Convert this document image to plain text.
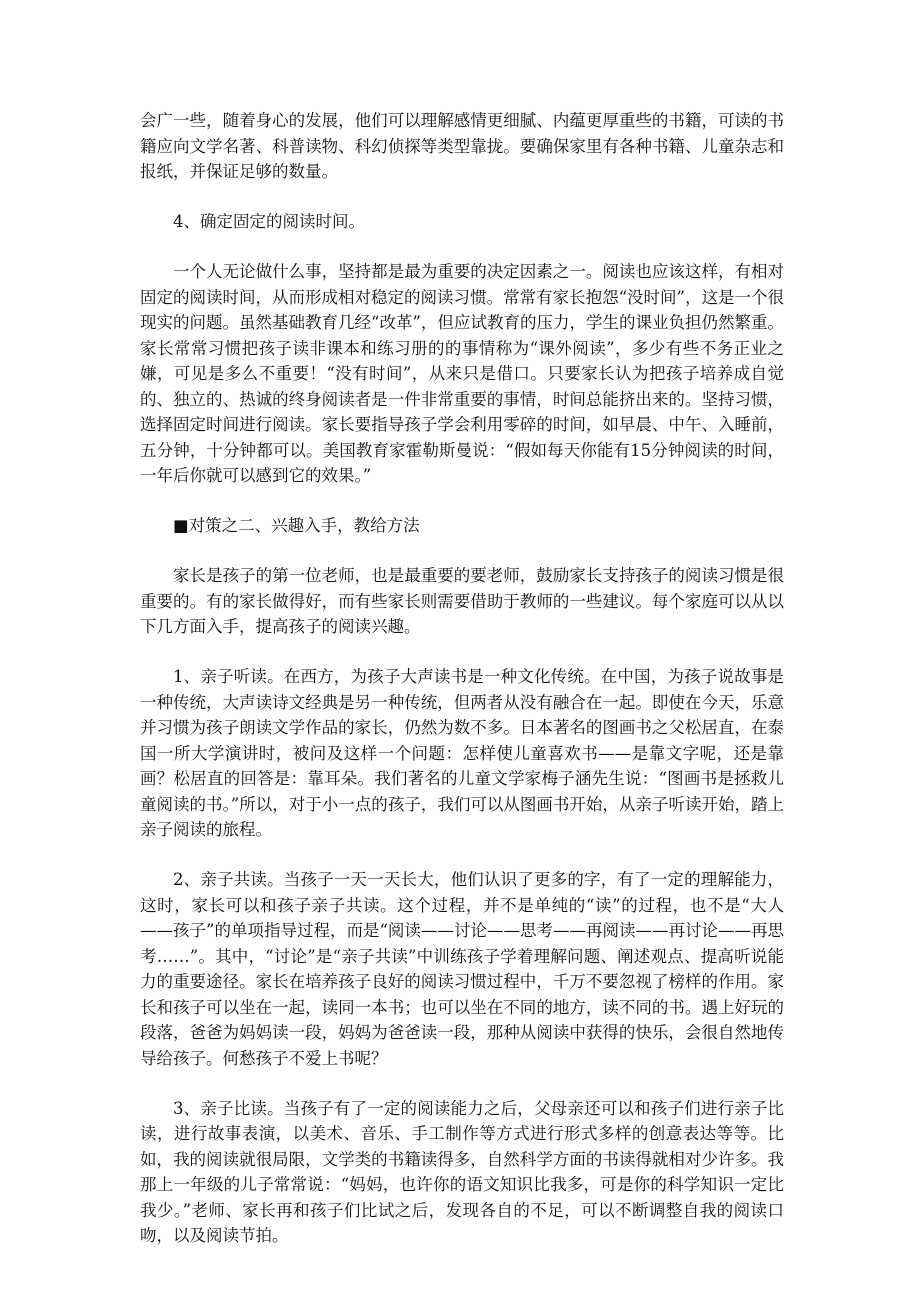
会广一些，随着身心的发展，他们可以理解感情更细腻、内蕴更厚重些的书籍，可读的书籍应向文学名著、科普读物、科幻侦探等类型靠拢。要确保家里有各种书籍、儿童杂志和报纸，并保证足够的数量。

4、确定固定的阅读时间。

一个人无论做什么事，坚持都是最为重要的决定因素之一。阅读也应该这样，有相对固定的阅读时间，从而形成相对稳定的阅读习惯。常常有家长抱怨“没时间”，这是一个很现实的问题。虽然基础教育几经“改革”，但应试教育的压力，学生的课业负担仍然繁重。家长常常习惯把孩子读非课本和练习册的的事情称为“课外阅读”，多少有些不务正业之嫌，可见是多么不重要！“没有时间”，从来只是借口。只要家长认为把孩子培养成自觉的、独立的、热诚的终身阅读者是一件非常重要的事情，时间总能挤出来的。坚持习惯，选择固定时间进行阅读。家长要指导孩子学会利用零碎的时间，如早晨、中午、入睡前，五分钟，十分钟都可以。美国教育家霍勒斯曼说：“假如每天你能有15分钟阅读的时间，一年后你就可以感到它的效果。”

■对策之二、兴趣入手，教给方法

家长是孩子的第一位老师，也是最重要的要老师，鼓励家长支持孩子的阅读习惯是很重要的。有的家长做得好，而有些家长则需要借助于教师的一些建议。每个家庭可以从以下几方面入手，提高孩子的阅读兴趣。

1、亲子听读。在西方，为孩子大声读书是一种文化传统。在中国，为孩子说故事是一种传统，大声读诗文经典是另一种传统，但两者从没有融合在一起。即使在今天，乐意并习惯为孩子朗读文学作品的家长，仍然为数不多。日本著名的图画书之父松居直，在泰国一所大学演讲时，被问及这样一个问题：怎样使儿童喜欢书——是靠文字呢，还是靠画？松居直的回答是：靠耳朵。我们著名的儿童文学家梅子涵先生说：“图画书是拯救儿童阅读的书。”所以，对于小一点的孩子，我们可以从图画书开始，从亲子听读开始，踏上亲子阅读的旅程。

2、亲子共读。当孩子一天一天长大，他们认识了更多的字，有了一定的理解能力，这时，家长可以和孩子亲子共读。这个过程，并不是单纯的“读”的过程，也不是“大人——孩子”的单项指导过程，而是“阅读——讨论——思考——再阅读——再讨论——再思考……”。其中，“讨论”是“亲子共读”中训练孩子学着理解问题、阐述观点、提高听说能力的重要途径。家长在培养孩子良好的阅读习惯过程中，千万不要忽视了榜样的作用。家长和孩子可以坐在一起，读同一本书；也可以坐在不同的地方，读不同的书。遇上好玩的段落，爸爸为妈妈读一段，妈妈为爸爸读一段，那种从阅读中获得的快乐，会很自然地传导给孩子。何愁孩子不爱上书呢？

3、亲子比读。当孩子有了一定的阅读能力之后，父母亲还可以和孩子们进行亲子比读，进行故事表演，以美术、音乐、手工制作等方式进行形式多样的创意表达等等。比如，我的阅读就很局限，文学类的书籍读得多，自然科学方面的书读得就相对少许多。我那上一年级的儿子常常说：“妈妈，也许你的语文知识比我多，可是你的科学知识一定比我少。”老师、家长再和孩子们比试之后，发现各自的不足，可以不断调整自我的阅读口吻，以及阅读节拍。
